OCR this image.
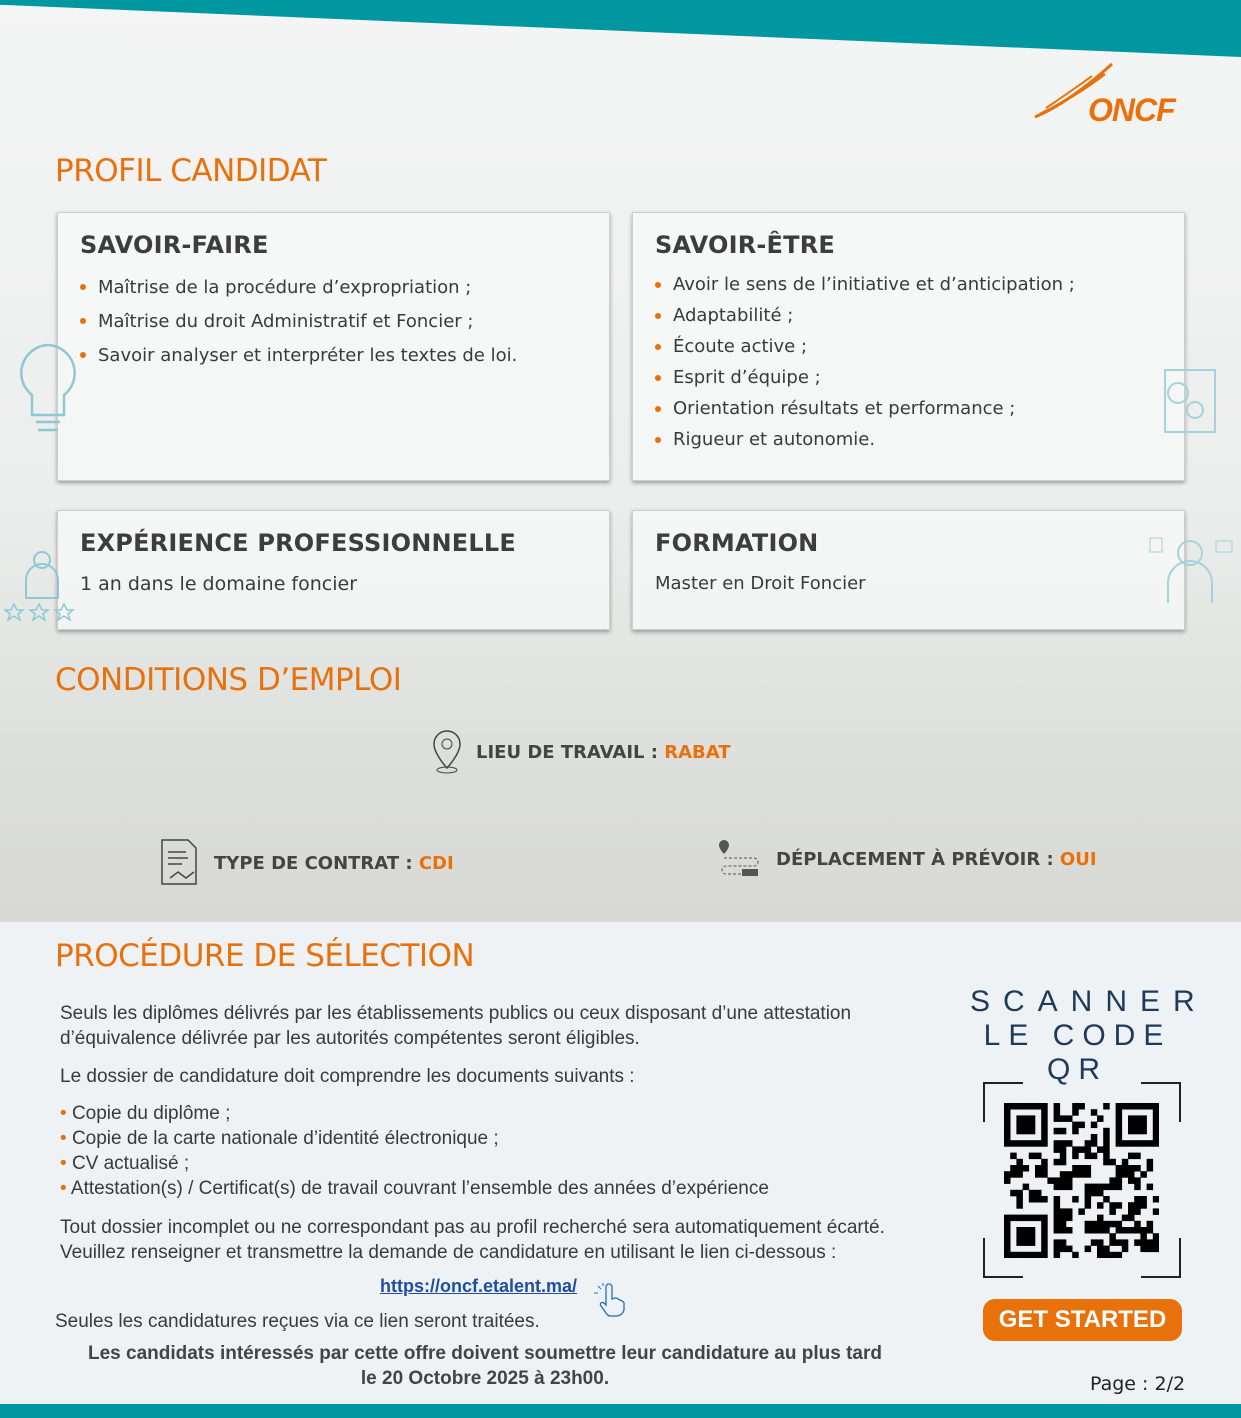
ONCF
PROFIL CANDIDAT
SAVOIR-FAIRE
Maîtrise de la procédure d’expropriation ;
Maîtrise du droit Administratif et Foncier ;
Savoir analyser et interpréter les textes de loi.
SAVOIR-ÊTRE
Avoir le sens de l’initiative et d’anticipation ;
Adaptabilité ;
Écoute active ;
Esprit d’équipe ;
Orientation résultats et performance ;
Rigueur et autonomie.
EXPÉRIENCE PROFESSIONNELLE

1 an dans le domaine foncier

FORMATION

Master en Droit Foncier

CONDITIONS D’EMPLOI
LIEU DE TRAVAIL : RABAT
TYPE DE CONTRAT : CDI	DÉPLACEMENT À PRÉVOIR : OUI
PROCÉDURE DE SÉLECTION
Seuls les diplômes délivrés par les établissements publics ou ceux disposant d’une attestation d’équivalence délivrée par les autorités compétentes seront éligibles.
Le dossier de candidature doit comprendre les documents suivants :
• Copie du diplôme ;
• Copie de la carte nationale d’identité électronique ;
• CV actualisé ;
• Attestation(s) / Certificat(s) de travail couvrant l’ensemble des années d’expérience
Tout dossier incomplet ou ne correspondant pas au profil recherché sera automatiquement écarté.
Veuillez renseigner et transmettre la demande de candidature en utilisant le lien ci-dessous :
https://oncf.etalent.ma/
Seules les candidatures reçues via ce lien seront traitées.
Les candidats intéressés par cette offre doivent soumettre leur candidature au plus tard
le 20 Octobre 2025 à 23h00.
SCANNER
LE CODE QR
GET STARTED
Page : 2/2
